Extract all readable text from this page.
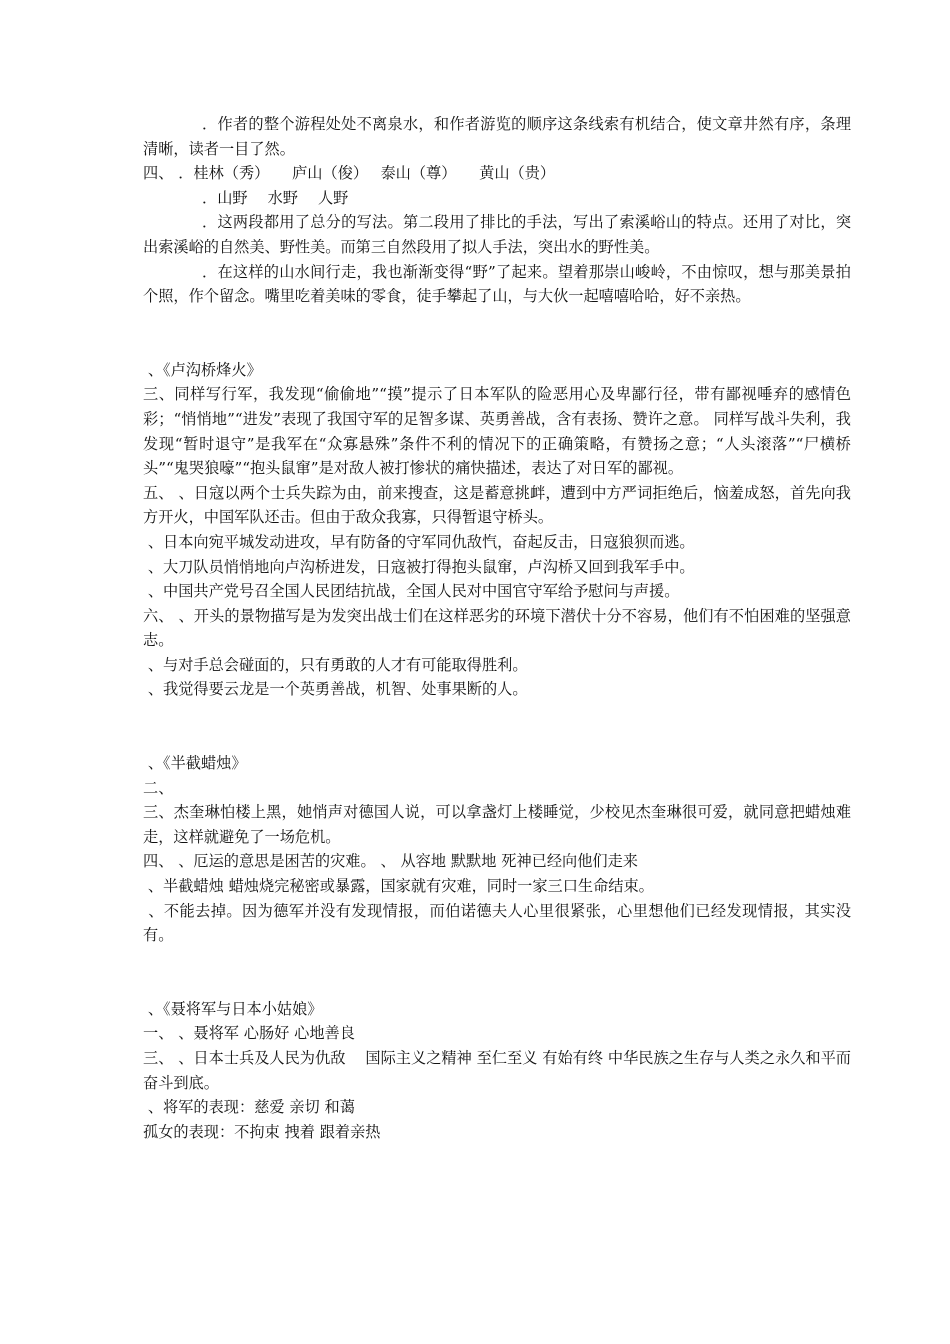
．作者的整个游程处处不离泉水，和作者游览的顺序这条线索有机结合，使文章井然有序，条理清晰，读者一目了然。

四、 ．桂林（秀）　　庐山（俊）　 泰山（尊）　　黄山（贵）

．山野　 水野　 人野

．这两段都用了总分的写法。第二段用了排比的手法，写出了索溪峪山的特点。还用了对比，突出索溪峪的自然美、野性美。而第三自然段用了拟人手法，突出水的野性美。

．在这样的山水间行走，我也渐渐变得“野”了起来。望着那崇山峻岭，不由惊叹，想与那美景拍个照，作个留念。嘴里吃着美味的零食，徒手攀起了山，与大伙一起嘻嘻哈哈，好不亲热。

、《卢沟桥烽火》

三、同样写行军，我发现“偷偷地”“摸”提示了日本军队的险恶用心及卑鄙行径，带有鄙视唾弃的感情色彩；“悄悄地”“进发”表现了我国守军的足智多谋、英勇善战，含有表扬、赞许之意。 同样写战斗失利，我发现“暂时退守”是我军在“众寡悬殊”条件不利的情况下的正确策略，有赞扬之意；“人头滚落”“尸横桥头”“鬼哭狼嚎”“抱头鼠窜”是对敌人被打惨状的痛快描述，表达了对日军的鄙视。

五、 、日寇以两个士兵失踪为由，前来搜查，这是蓄意挑衅，遭到中方严词拒绝后，恼羞成怒，首先向我方开火，中国军队还击。但由于敌众我寡，只得暂退守桥头。

、日本向宛平城发动进攻，早有防备的守军同仇敌忾，奋起反击，日寇狼狈而逃。

、大刀队员悄悄地向卢沟桥进发，日寇被打得抱头鼠窜，卢沟桥又回到我军手中。

、中国共产党号召全国人民团结抗战，全国人民对中国官守军给予慰问与声援。

六、 、开头的景物描写是为发突出战士们在这样恶劣的环境下潜伏十分不容易，他们有不怕困难的坚强意志。

、与对手总会碰面的，只有勇敢的人才有可能取得胜利。

、我觉得要云龙是一个英勇善战，机智、处事果断的人。

、《半截蜡烛》

二、

三、杰奎琳怕楼上黑，她悄声对德国人说，可以拿盏灯上楼睡觉，少校见杰奎琳很可爱，就同意把蜡烛难走，这样就避免了一场危机。

四、 、厄运的意思是困苦的灾难。 、 从容地 默默地 死神已经向他们走来

、半截蜡烛 蜡烛烧完秘密或暴露，国家就有灾难，同时一家三口生命结束。

、不能去掉。因为德军并没有发现情报，而伯诺德夫人心里很紧张，心里想他们已经发现情报，其实没有。

、《聂将军与日本小姑娘》

一、 、聂将军 心肠好 心地善良

三、 、日本士兵及人民为仇敌　 国际主义之精神 至仁至义 有始有终 中华民族之生存与人类之永久和平而奋斗到底。

、将军的表现：慈爱 亲切 和蔼

孤女的表现：不拘束 拽着 跟着亲热
